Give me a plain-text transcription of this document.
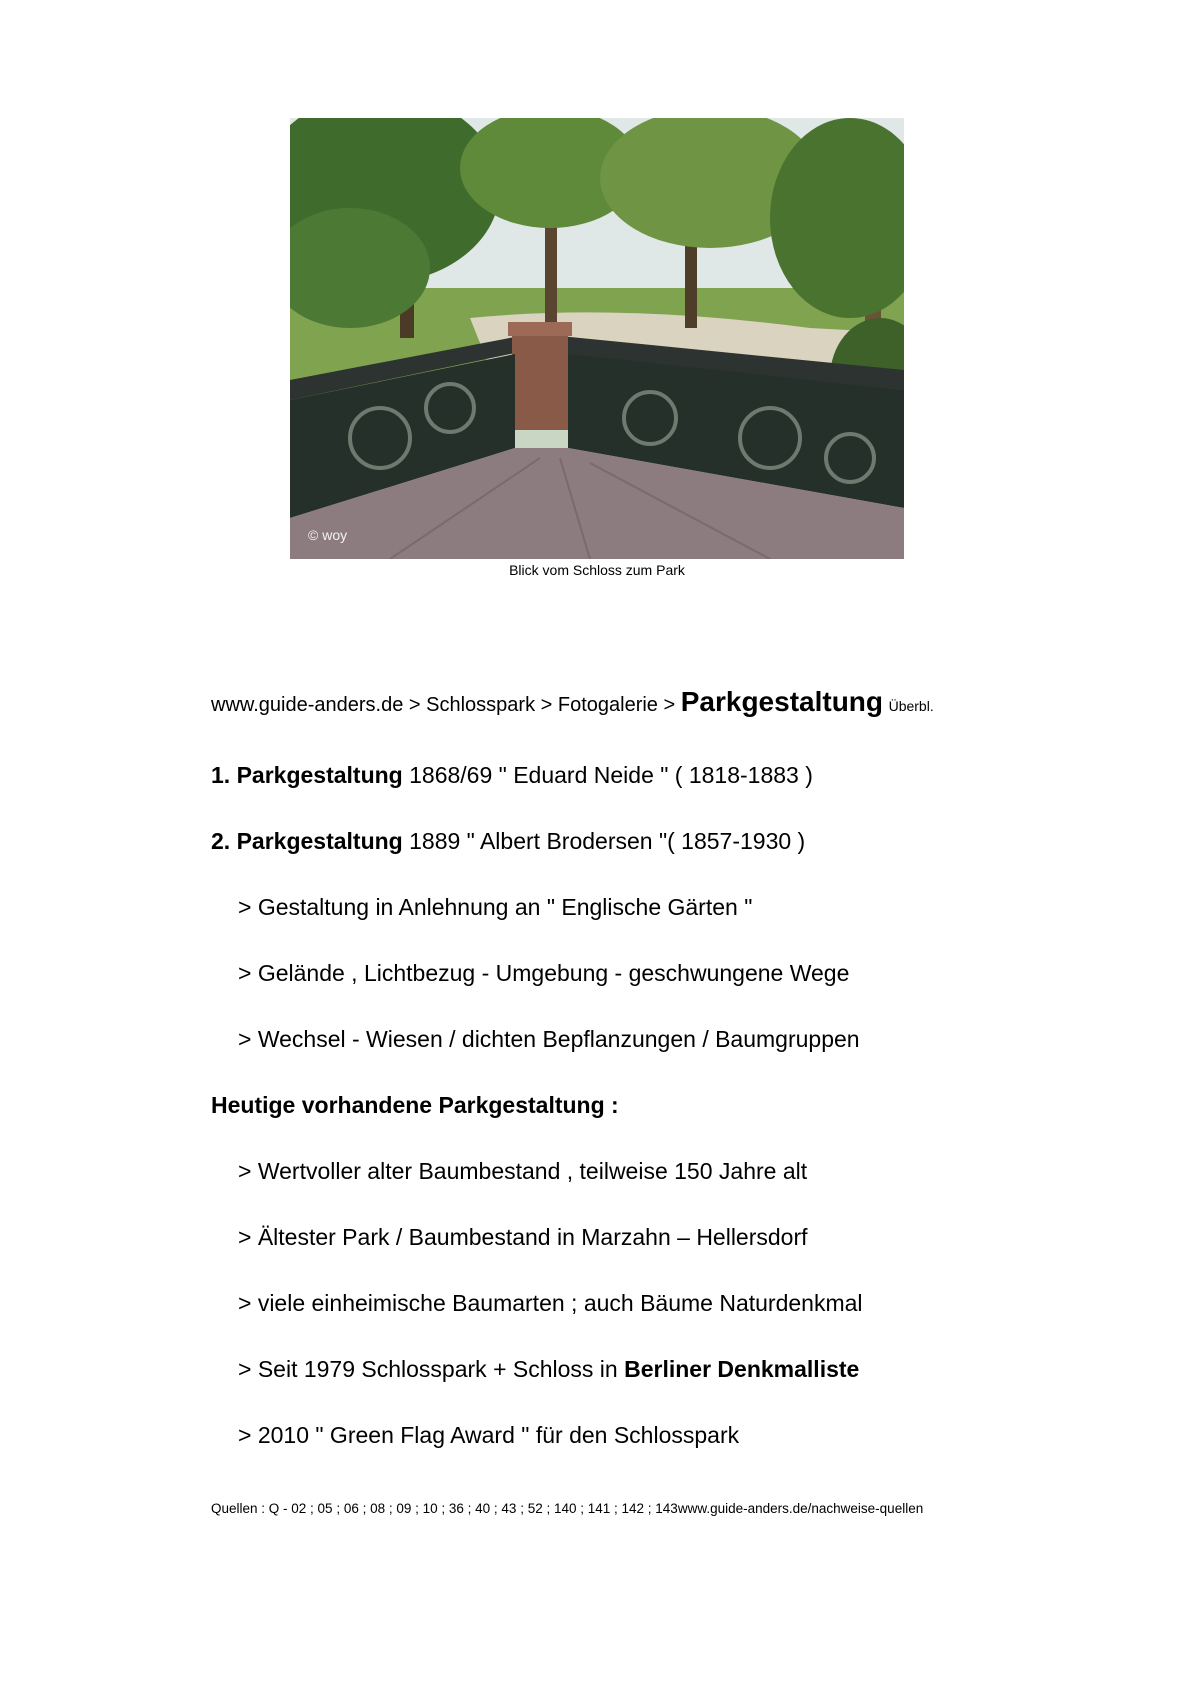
© woy
Blick vom Schloss zum Park
www.guide-anders.de > Schlosspark > Fotogalerie > Parkgestaltung Überbl.
1. Parkgestaltung 1868/69 " Eduard Neide " ( 1818-1883 )
2. Parkgestaltung 1889 " Albert Brodersen "( 1857-1930 )
> Gestaltung in Anlehnung an " Englische Gärten "
> Gelände , Lichtbezug - Umgebung - geschwungene Wege
> Wechsel - Wiesen / dichten Bepflanzungen / Baumgruppen
Heutige vorhandene Parkgestaltung :
> Wertvoller alter Baumbestand , teilweise 150 Jahre alt
> Ältester Park / Baumbestand in Marzahn – Hellersdorf
> viele einheimische Baumarten ; auch Bäume Naturdenkmal
> Seit 1979 Schlosspark + Schloss in Berliner Denkmalliste
> 2010 " Green Flag Award " für den Schlosspark
Quellen : Q - 02 ; 05 ; 06 ; 08 ; 09 ; 10 ; 36 ; 40 ; 43 ; 52 ; 140 ; 141 ; 142 ; 143www.guide-anders.de/nachweise-quellen
